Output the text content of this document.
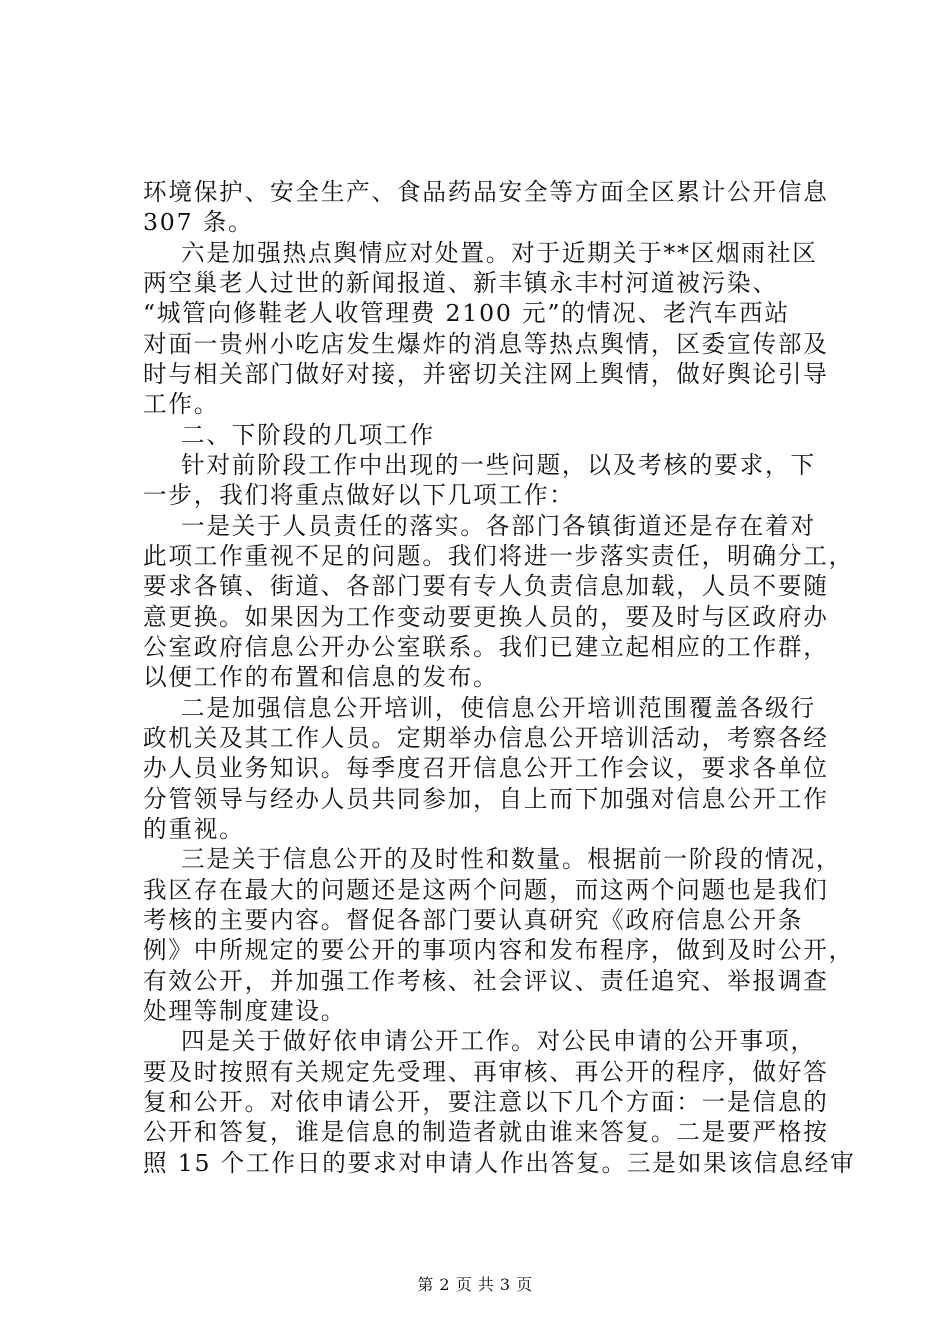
环境保护、安全生产、食品药品安全等方面全区累计公开信息
307 条。
六是加强热点舆情应对处置。对于近期关于**区烟雨社区
两空巢老人过世的新闻报道、新丰镇永丰村河道被污染、
“城管向修鞋老人收管理费 2100 元”的情况、老汽车西站
对面一贵州小吃店发生爆炸的消息等热点舆情，区委宣传部及
时与相关部门做好对接，并密切关注网上舆情，做好舆论引导
工作。
二、下阶段的几项工作
针对前阶段工作中出现的一些问题，以及考核的要求，下
一步，我们将重点做好以下几项工作：
一是关于人员责任的落实。各部门各镇街道还是存在着对
此项工作重视不足的问题。我们将进一步落实责任，明确分工，
要求各镇、街道、各部门要有专人负责信息加载，人员不要随
意更换。如果因为工作变动要更换人员的，要及时与区政府办
公室政府信息公开办公室联系。我们已建立起相应的工作群，
以便工作的布置和信息的发布。
二是加强信息公开培训，使信息公开培训范围覆盖各级行
政机关及其工作人员。定期举办信息公开培训活动，考察各经
办人员业务知识。每季度召开信息公开工作会议，要求各单位
分管领导与经办人员共同参加，自上而下加强对信息公开工作
的重视。
三是关于信息公开的及时性和数量。根据前一阶段的情况，
我区存在最大的问题还是这两个问题，而这两个问题也是我们
考核的主要内容。督促各部门要认真研究《政府信息公开条
例》中所规定的要公开的事项内容和发布程序，做到及时公开，
有效公开，并加强工作考核、社会评议、责任追究、举报调查
处理等制度建设。
四是关于做好依申请公开工作。对公民申请的公开事项，
要及时按照有关规定先受理、再审核、再公开的程序，做好答
复和公开。对依申请公开，要注意以下几个方面：一是信息的
公开和答复，谁是信息的制造者就由谁来答复。二是要严格按
照 15 个工作日的要求对申请人作出答复。三是如果该信息经审
第 2 页 共 3 页
